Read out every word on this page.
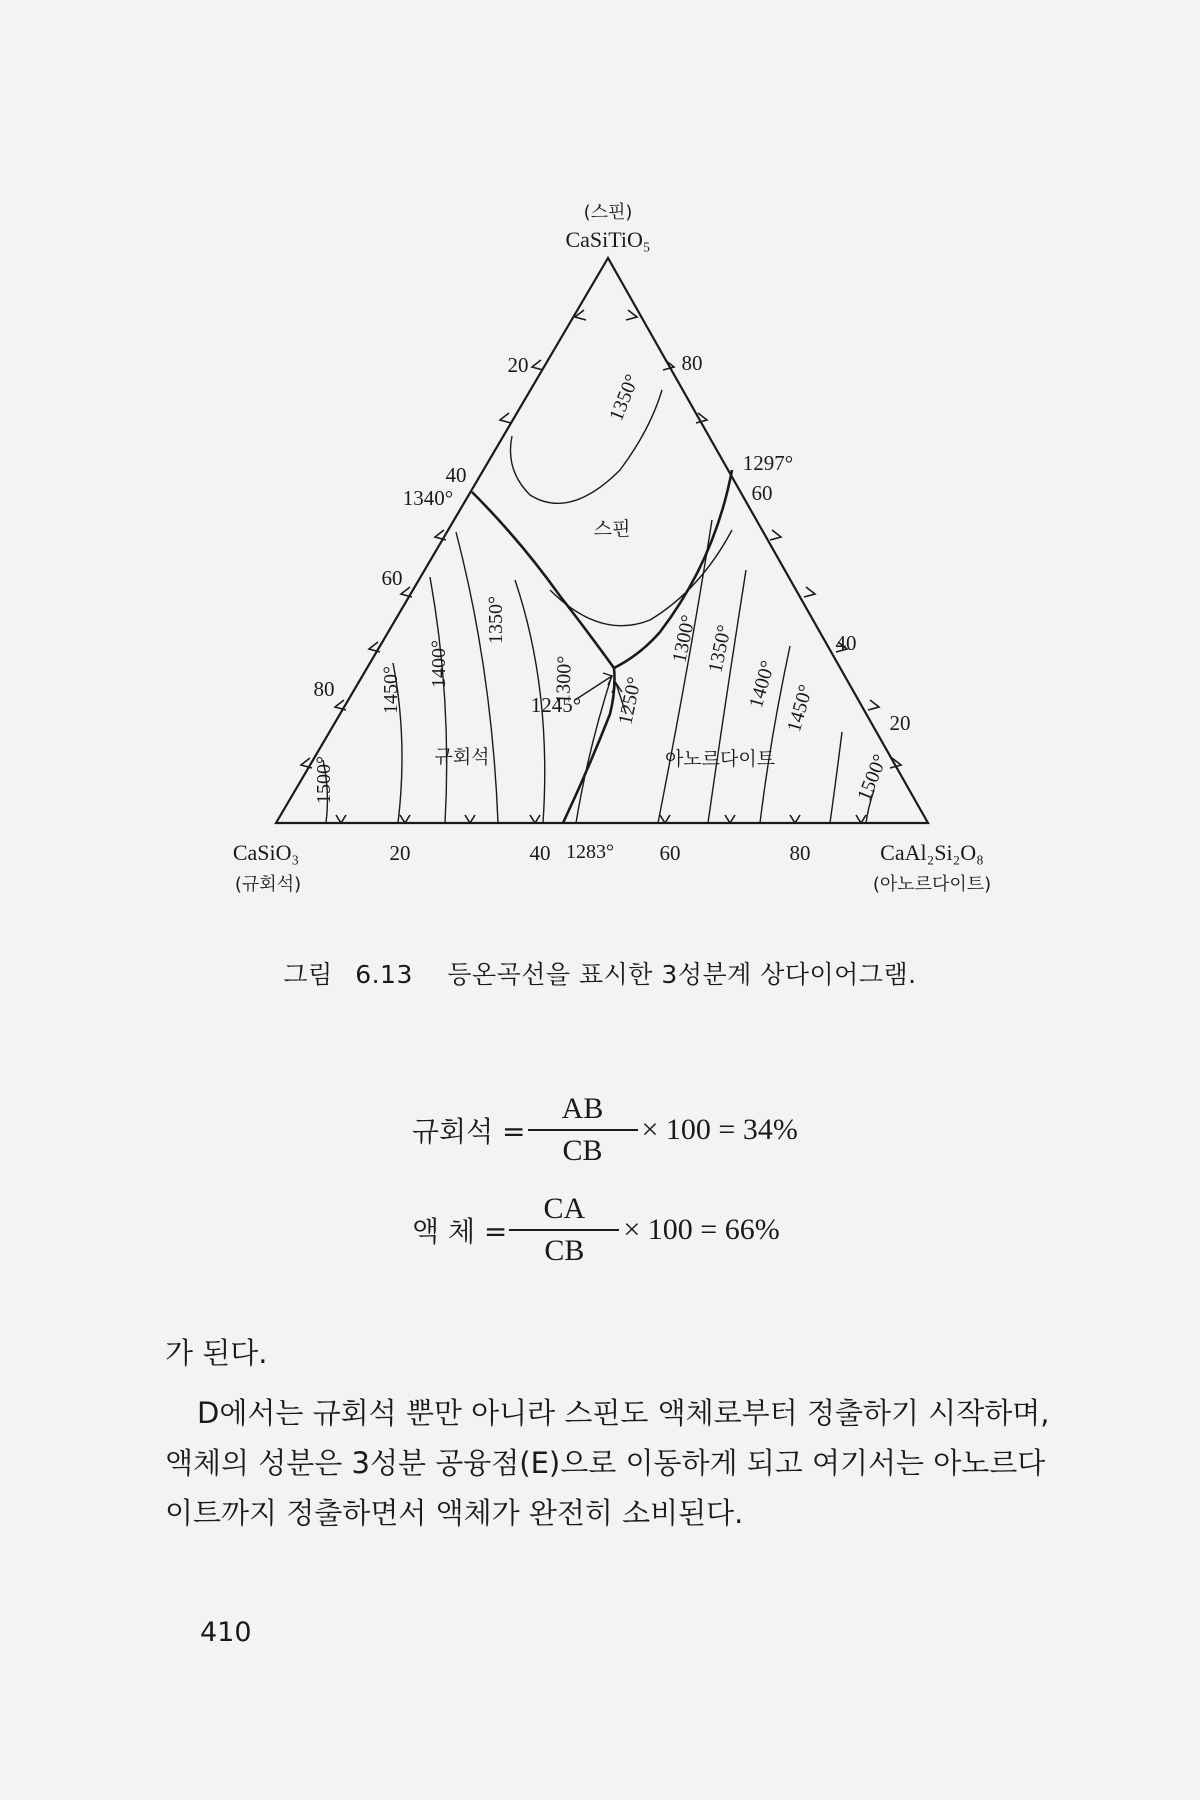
(스핀)
CaSiTiO₅
CaSiO₃
(규회석)
CaAl₂Si₂O₈
(아노르다이트)
20
40
60
80
80
60
40
20
20	40	60	80
스핀
규회석	아노르다이트
1340°
1297°
1245°
1283°
1350°
1500°
1450°
1400°
1350°
1300° 1250°
1300° 1350°
1400° 1450°
1500°
그림 6.13 등온곡선을 표시한 3성분계 상다이어그램.
규회석 = $\frac{AB}{CB} \times 100 = 34\%$
액 체 = $\frac{CA}{CB} \times 100 = 66\%$

가 된다.

D에서는 규회석 뿐만 아니라 스핀도 액체로부터 정출하기 시작하며, 액체의 성분은 3성분 공융점(E)으로 이동하게 되고 여기서는 아노르다이트까지 정출하면서 액체가 완전히 소비된다.

410
